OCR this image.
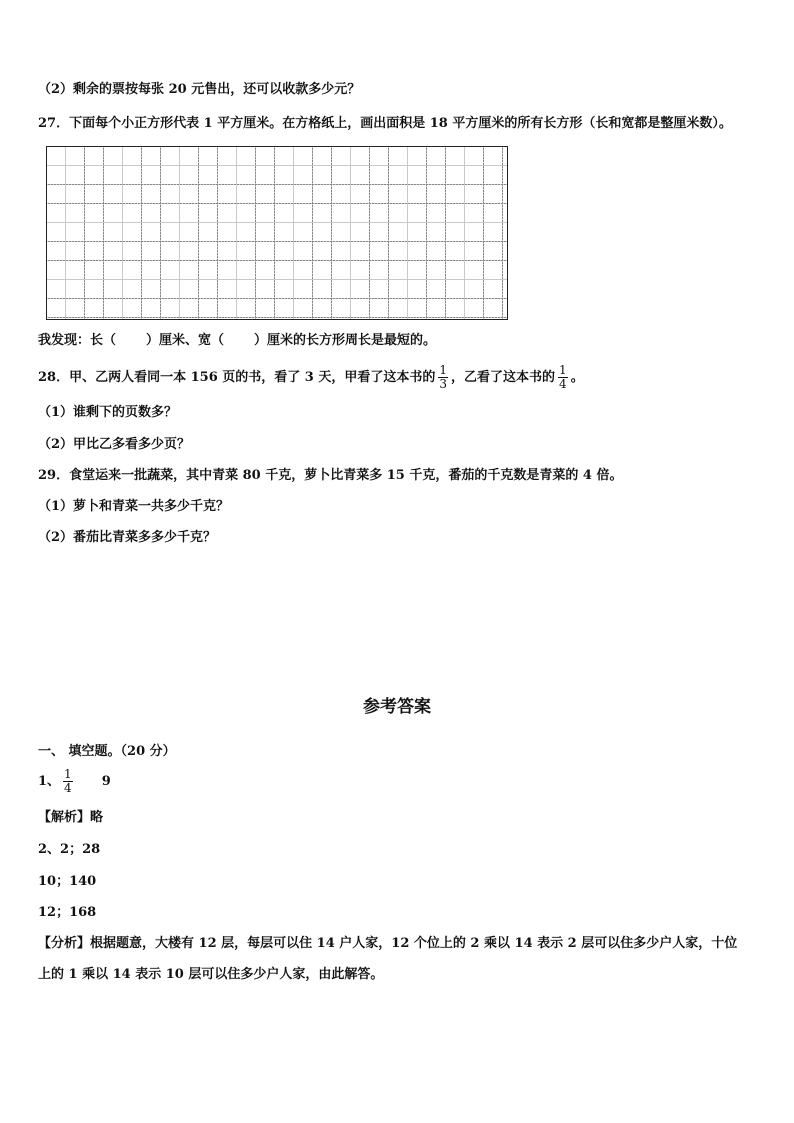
（2）剩余的票按每张 20 元售出，还可以收款多少元？
27．下面每个小正方形代表 1 平方厘米。在方格纸上，画出面积是 18 平方厘米的所有长方形（长和宽都是整厘米数）。
我发现：长（ ）厘米、宽（ ）厘米的长方形周长是最短的。
28．甲、乙两人看同一本 156 页的书，看了 3 天，甲看了这本书的 $\frac{1}{3}$ ，乙看了这本书的 $\frac{1}{4}$ 。
（1）谁剩下的页数多？
（2）甲比乙多看多少页？
29．食堂运来一批蔬菜，其中青菜 80 千克，萝卜比青菜多 15 千克，番茄的千克数是青菜的 4 倍。
（1）萝卜和青菜一共多少千克？
（2）番茄比青菜多多少千克？
参考答案
一、 填空题。（20 分）
1、 $\frac{1}{4} 9$
【解析】略
2、2；28
10；140
12；168
【分析】根据题意，大楼有 12 层，每层可以住 14 户人家，12 个位上的 2 乘以 14 表示 2 层可以住多少户人家，十位
上的 1 乘以 14 表示 10 层可以住多少户人家，由此解答。
